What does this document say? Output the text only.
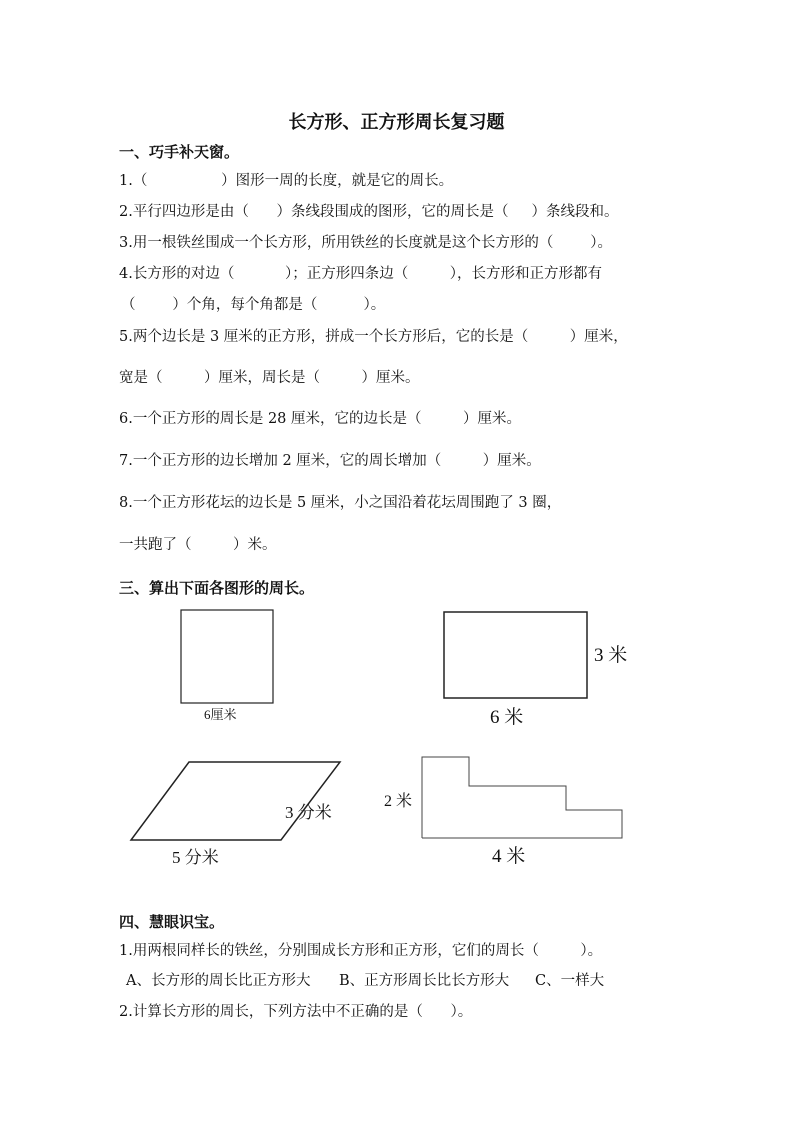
长方形、正方形周长复习题
一、巧手补天窗。
1.（                ）图形一周的长度，就是它的周长。
2.平行四边形是由（      ）条线段围成的图形，它的周长是（     ）条线段和。
3.用一根铁丝围成一个长方形，所用铁丝的长度就是这个长方形的（        ）。
4.长方形的对边（           ）；正方形四条边（         ），长方形和正方形都有
（        ）个角，每个角都是（          ）。
5.两个边长是 3 厘米的正方形，拼成一个长方形后，它的长是（         ）厘米，
宽是（         ）厘米，周长是（         ）厘米。
6.一个正方形的周长是 28 厘米，它的边长是（         ）厘米。
7.一个正方形的边长增加 2 厘米，它的周长增加（         ）厘米。
8.一个正方形花坛的边长是 5 厘米，小之国沿着花坛周围跑了 3 圈，
一共跑了（         ）米。
三、算出下面各图形的周长。
6厘米	6 米
3 米
3 分米
5 分米
2 米
4 米
四、慧眼识宝。
1.用两根同样长的铁丝，分别围成长方形和正方形，它们的周长（         ）。
A、长方形的周长比正方形大 B、正方形周长比长方形大 C、一样大
2.计算长方形的周长，下列方法中不正确的是（      ）。
